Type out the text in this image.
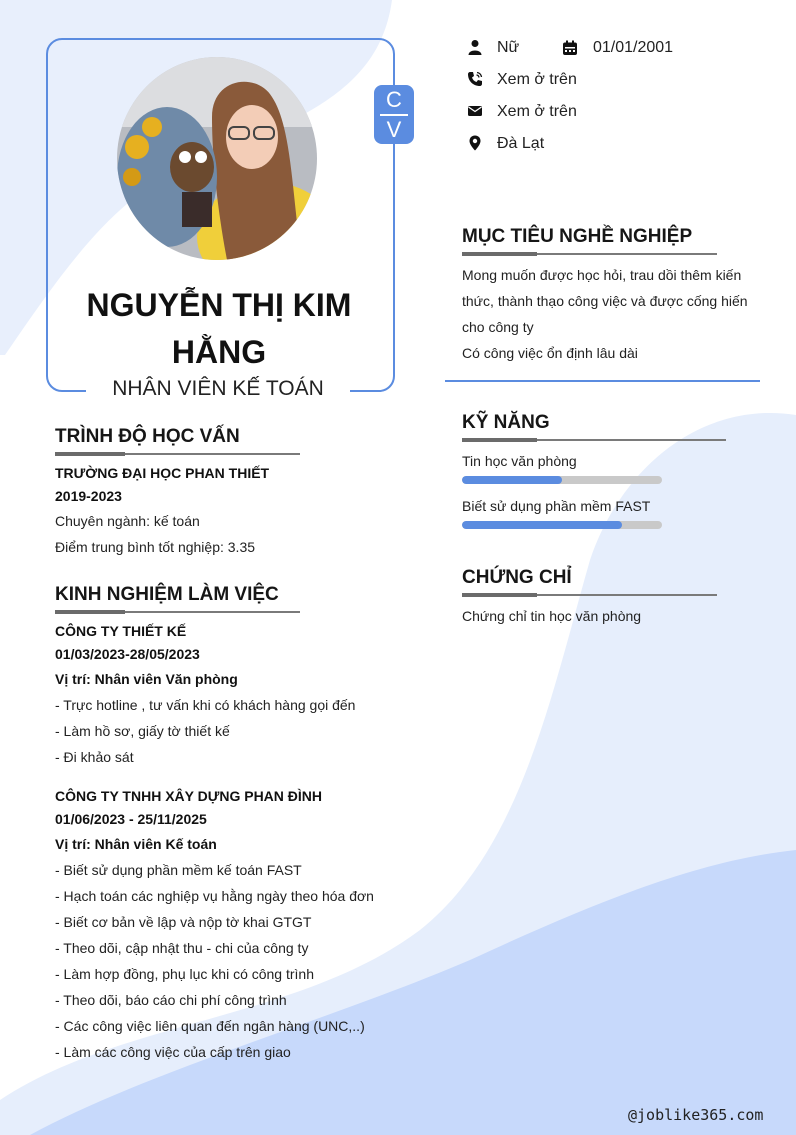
C
V
NGUYỄN THỊ KIM HẰNG
NHÂN VIÊN KẾ TOÁN
Nữ	01/01/2001
Xem ở trên
Xem ở trên
Đà Lạt
MỤC TIÊU NGHỀ NGHIỆP
Mong muốn được học hỏi, trau dồi thêm kiến
thức, thành thạo công việc và được cống hiến
cho công ty
Có công việc ổn định lâu dài
KỸ NĂNG
Tin học văn phòng
Biết sử dụng phần mềm FAST
CHỨNG CHỈ
Chứng chỉ tin học văn phòng
TRÌNH ĐỘ HỌC VẤN
TRƯỜNG ĐẠI HỌC PHAN THIẾT
2019-2023
Chuyên ngành: kế toán
Điểm trung bình tốt nghiệp: 3.35
KINH NGHIỆM LÀM VIỆC
CÔNG TY THIẾT KẾ
01/03/2023-28/05/2023
Vị trí: Nhân viên Văn phòng
- Trực hotline , tư vấn khi có khách hàng gọi đến
- Làm hồ sơ, giấy tờ thiết kế
- Đi khảo sát
CÔNG TY TNHH XÂY DỰNG PHAN ĐÌNH
01/06/2023 - 25/11/2025
Vị trí: Nhân viên Kế toán
- Biết sử dụng phần mềm kế toán FAST
- Hạch toán các nghiệp vụ hằng ngày theo hóa đơn
- Biết cơ bản về lập và nộp tờ khai GTGT
- Theo dõi, cập nhật thu - chi của công ty
- Làm hợp đồng, phụ lục khi có công trình
- Theo dõi, báo cáo chi phí công trình
- Các công việc liên quan đến ngân hàng (UNC,..)
- Làm các công việc của cấp trên giao
@joblike365.com
